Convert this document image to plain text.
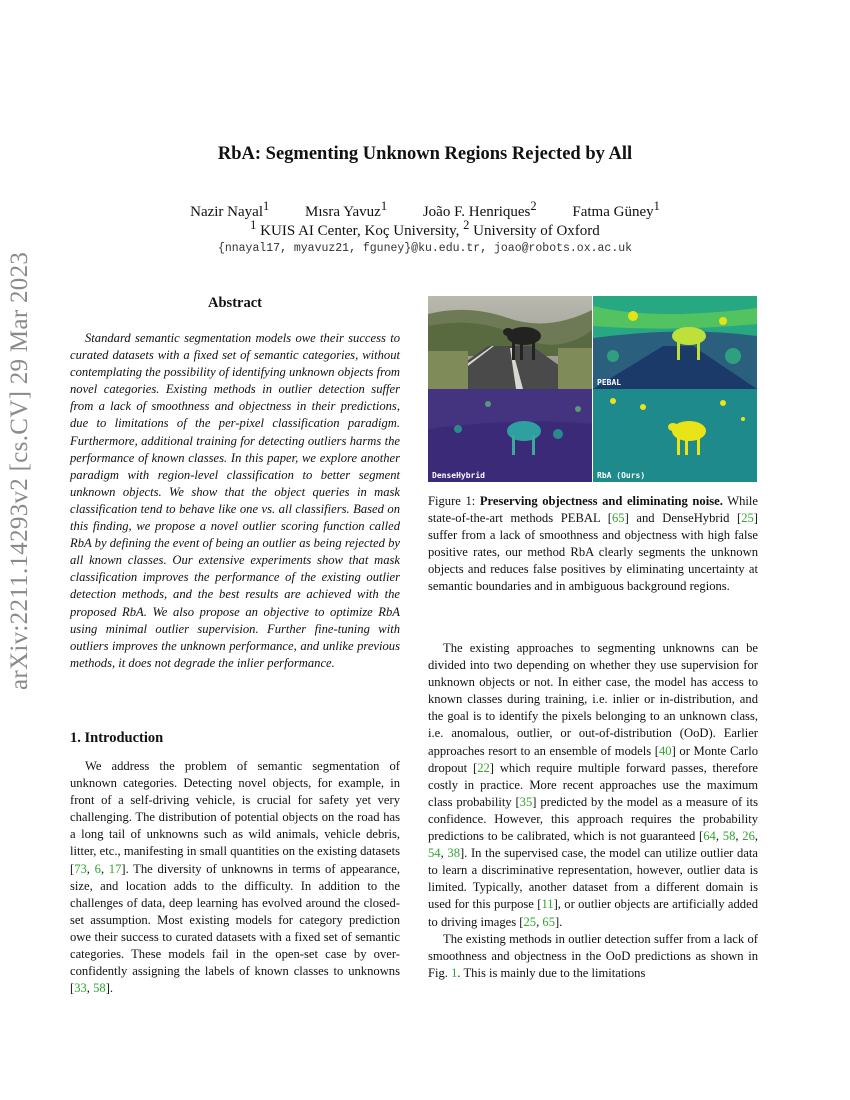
arXiv:2211.14293v2 [cs.CV] 29 Mar 2023
RbA: Segmenting Unknown Regions Rejected by All
Nazir Nayal$^1$ Mısra Yavuz$^1$ João F. Henriques$^2$ Fatma Güney$^1$
$^1$ KUIS AI Center, Koç University, $^2$ University of Oxford
{nnayal17, myavuz21, fguney}@ku.edu.tr, joao@robots.ox.ac.uk
Abstract
Standard semantic segmentation models owe their success to curated datasets with a fixed set of semantic categories, without contemplating the possibility of identifying unknown objects from novel categories. Existing methods in outlier detection suffer from a lack of smoothness and objectness in their predictions, due to limitations of the per-pixel classification paradigm. Furthermore, additional training for detecting outliers harms the performance of known classes. In this paper, we explore another paradigm with region-level classification to better segment unknown objects. We show that the object queries in mask classification tend to behave like one vs. all classifiers. Based on this finding, we propose a novel outlier scoring function called RbA by defining the event of being an outlier as being rejected by all known classes. Our extensive experiments show that mask classification improves the performance of the existing outlier detection methods, and the best results are achieved with the proposed RbA. We also propose an objective to optimize RbA using minimal outlier supervision. Further fine-tuning with outliers improves the unknown performance, and unlike previous methods, it does not degrade the inlier performance.
1. Introduction

We address the problem of semantic segmentation of unknown categories. Detecting novel objects, for example, in front of a self-driving vehicle, is crucial for safety yet very challenging. The distribution of potential objects on the road has a long tail of unknowns such as wild animals, vehicle debris, litter, etc., manifesting in small quantities on the existing datasets [73, 6, 17]. The diversity of unknowns in terms of appearance, size, and location adds to the difficulty. In addition to the challenges of data, deep learning has evolved around the closed-set assumption. Most existing models for category prediction owe their success to curated datasets with a fixed set of semantic categories. These models fail in the open-set case by over-confidently assigning the labels of known classes to unknowns [33, 58].

PEBAL
DenseHybrid	RbA (Ours)
Figure 1: Preserving objectness and eliminating noise. While state-of-the-art methods PEBAL [65] and DenseHybrid [25] suffer from a lack of smoothness and objectness with high false positive rates, our method RbA clearly segments the unknown objects and reduces false positives by eliminating uncertainty at semantic boundaries and in ambiguous background regions.

The existing approaches to segmenting unknowns can be divided into two depending on whether they use supervision for unknown objects or not. In either case, the model has access to known classes during training, i.e. inlier or in-distribution, and the goal is to identify the pixels belonging to an unknown class, i.e. anomalous, outlier, or out-of-distribution (OoD). Earlier approaches resort to an ensemble of models [40] or Monte Carlo dropout [22] which require multiple forward passes, therefore costly in practice. More recent approaches use the maximum class probability [35] predicted by the model as a measure of its confidence. However, this approach requires the probability predictions to be calibrated, which is not guaranteed [64, 58, 26, 54, 38]. In the supervised case, the model can utilize outlier data to learn a discriminative representation, however, outlier data is limited. Typically, another dataset from a different domain is used for this purpose [11], or outlier objects are artificially added to driving images [25, 65].

The existing methods in outlier detection suffer from a lack of smoothness and objectness in the OoD predictions as shown in Fig. 1. This is mainly due to the limitations
